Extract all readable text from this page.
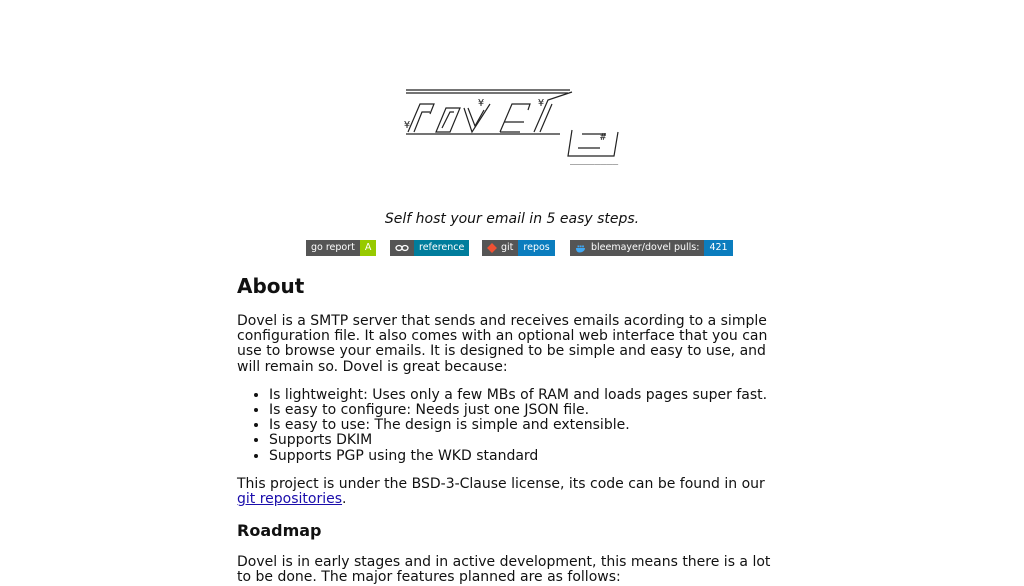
¥	¥
¥
#
________
Self host your email in 5 easy steps.
go report	A	reference	git	repos	bleemayer/dovel pulls:	421
About

Dovel is a SMTP server that sends and receives emails acording to a simple configuration file. It also comes with an optional web interface that you can use to browse your emails. It is designed to be simple and easy to use, and will remain so. Dovel is great because:

• Is lightweight: Uses only a few MBs of RAM and loads pages super fast.
• Is easy to configure: Needs just one JSON file.
• Is easy to use: The design is simple and extensible.
• Supports DKIM
• Supports PGP using the WKD standard

This project is under the BSD-3-Clause license, its code can be found in our git repositories.

Roadmap

Dovel is in early stages and in active development, this means there is a lot to be done. The major features planned are as follows:
